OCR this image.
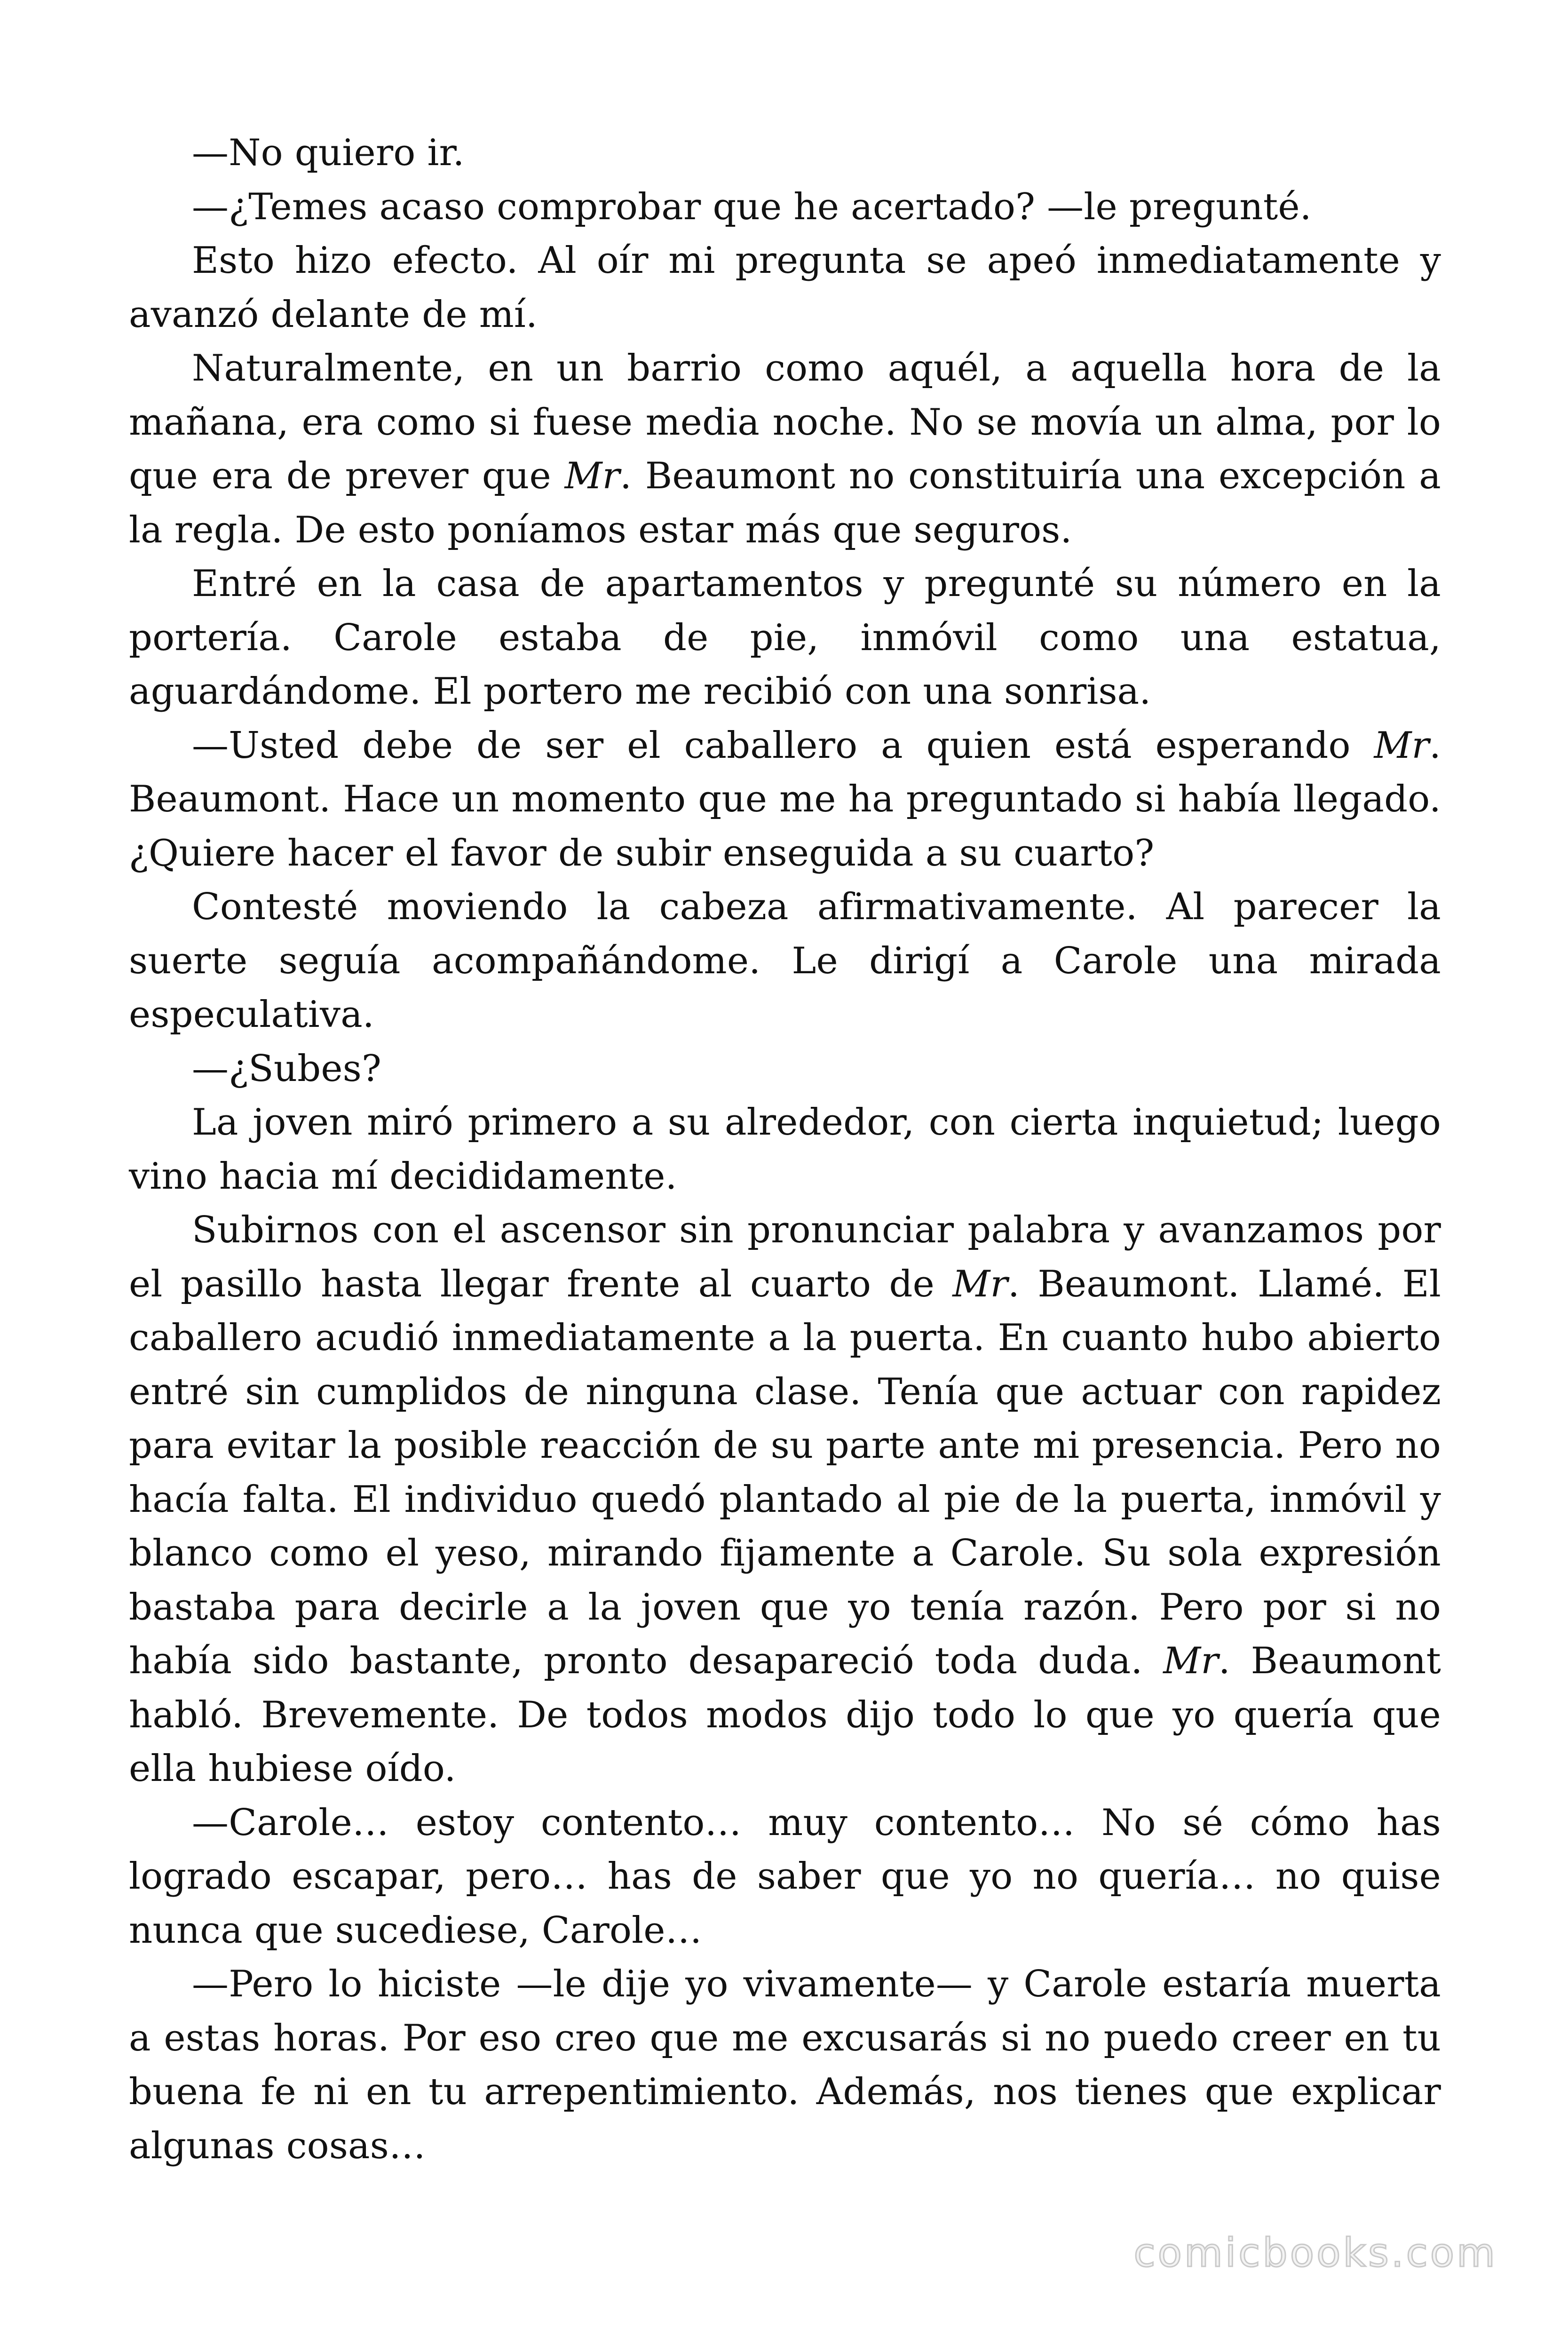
—No quiero ir.

—¿Temes acaso comprobar que he acertado? —le pregunté.

Esto hizo efecto. Al oír mi pregunta se apeó inmediatamente y avanzó delante de mí.

Naturalmente, en un barrio como aquél, a aquella hora de la mañana, era como si fuese media noche. No se movía un alma, por lo que era de prever que Mr. Beaumont no constituiría una excepción a la regla. De esto poníamos estar más que seguros.

Entré en la casa de apartamentos y pregunté su número en la portería. Carole estaba de pie, inmóvil como una estatua, aguardándome. El portero me recibió con una sonrisa.

—Usted debe de ser el caballero a quien está esperando Mr. Beaumont. Hace un momento que me ha preguntado si había llegado. ¿Quiere hacer el favor de subir enseguida a su cuarto?

Contesté moviendo la cabeza afirmativamente. Al parecer la suerte seguía acompañándome. Le dirigí a Carole una mirada especulativa.

—¿Subes?

La joven miró primero a su alrededor, con cierta inquietud; luego vino hacia mí decididamente.

Subirnos con el ascensor sin pronunciar palabra y avanzamos por el pasillo hasta llegar frente al cuarto de Mr. Beaumont. Llamé. El caballero acudió inmediatamente a la puerta. En cuanto hubo abierto entré sin cumplidos de ninguna clase. Tenía que actuar con rapidez para evitar la posible reacción de su parte ante mi presencia. Pero no hacía falta. El individuo quedó plantado al pie de la puerta, inmóvil y blanco como el yeso, mirando fijamente a Carole. Su sola expresión bastaba para decirle a la joven que yo tenía razón. Pero por si no había sido bastante, pronto desapareció toda duda. Mr. Beaumont habló. Brevemente. De todos modos dijo todo lo que yo quería que ella hubiese oído.

—Carole… estoy contento… muy contento… No sé cómo has logrado escapar, pero… has de saber que yo no quería… no quise nunca que sucediese, Carole…

—Pero lo hiciste —le dije yo vivamente— y Carole estaría muerta a estas horas. Por eso creo que me excusarás si no puedo creer en tu buena fe ni en tu arrepentimiento. Además, nos tienes que explicar algunas cosas…

comicbooks.com
